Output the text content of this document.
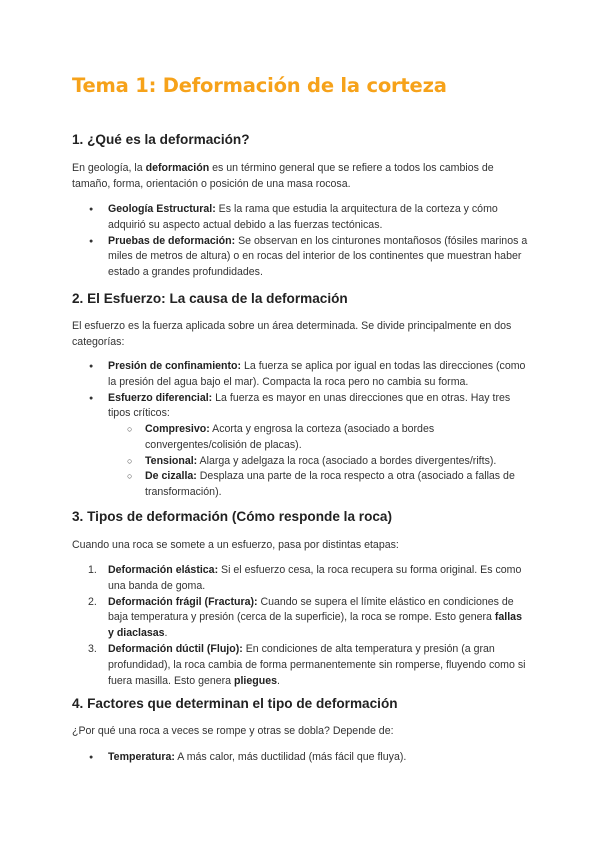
Tema 1: Deformación de la corteza
1. ¿Qué es la deformación?

En geología, la deformación es un término general que se refiere a todos los cambios de tamaño, forma, orientación o posición de una masa rocosa.

● Geología Estructural: Es la rama que estudia la arquitectura de la corteza y cómo adquirió su aspecto actual debido a las fuerzas tectónicas.
● Pruebas de deformación: Se observan en los cinturones montañosos (fósiles marinos a miles de metros de altura) o en rocas del interior de los continentes que muestran haber estado a grandes profundidades.
2. El Esfuerzo: La causa de la deformación

El esfuerzo es la fuerza aplicada sobre un área determinada. Se divide principalmente en dos categorías:

● Presión de confinamiento: La fuerza se aplica por igual en todas las direcciones (como la presión del agua bajo el mar). Compacta la roca pero no cambia su forma.
● Esfuerzo diferencial: La fuerza es mayor en unas direcciones que en otras. Hay tres tipos críticos:
○ Compresivo: Acorta y engrosa la corteza (asociado a bordes convergentes/colisión de placas).
○ Tensional: Alarga y adelgaza la roca (asociado a bordes divergentes/rifts).
○ De cizalla: Desplaza una parte de la roca respecto a otra (asociado a fallas de transformación).
3. Tipos de deformación (Cómo responde la roca)

Cuando una roca se somete a un esfuerzo, pasa por distintas etapas:

1. Deformación elástica: Si el esfuerzo cesa, la roca recupera su forma original. Es como una banda de goma.
2. Deformación frágil (Fractura): Cuando se supera el límite elástico en condiciones de baja temperatura y presión (cerca de la superficie), la roca se rompe. Esto genera fallas y diaclasas.
3. Deformación dúctil (Flujo): En condiciones de alta temperatura y presión (a gran profundidad), la roca cambia de forma permanentemente sin romperse, fluyendo como si fuera masilla. Esto genera pliegues.
4. Factores que determinan el tipo de deformación

¿Por qué una roca a veces se rompe y otras se dobla? Depende de:

● Temperatura: A más calor, más ductilidad (más fácil que fluya).
